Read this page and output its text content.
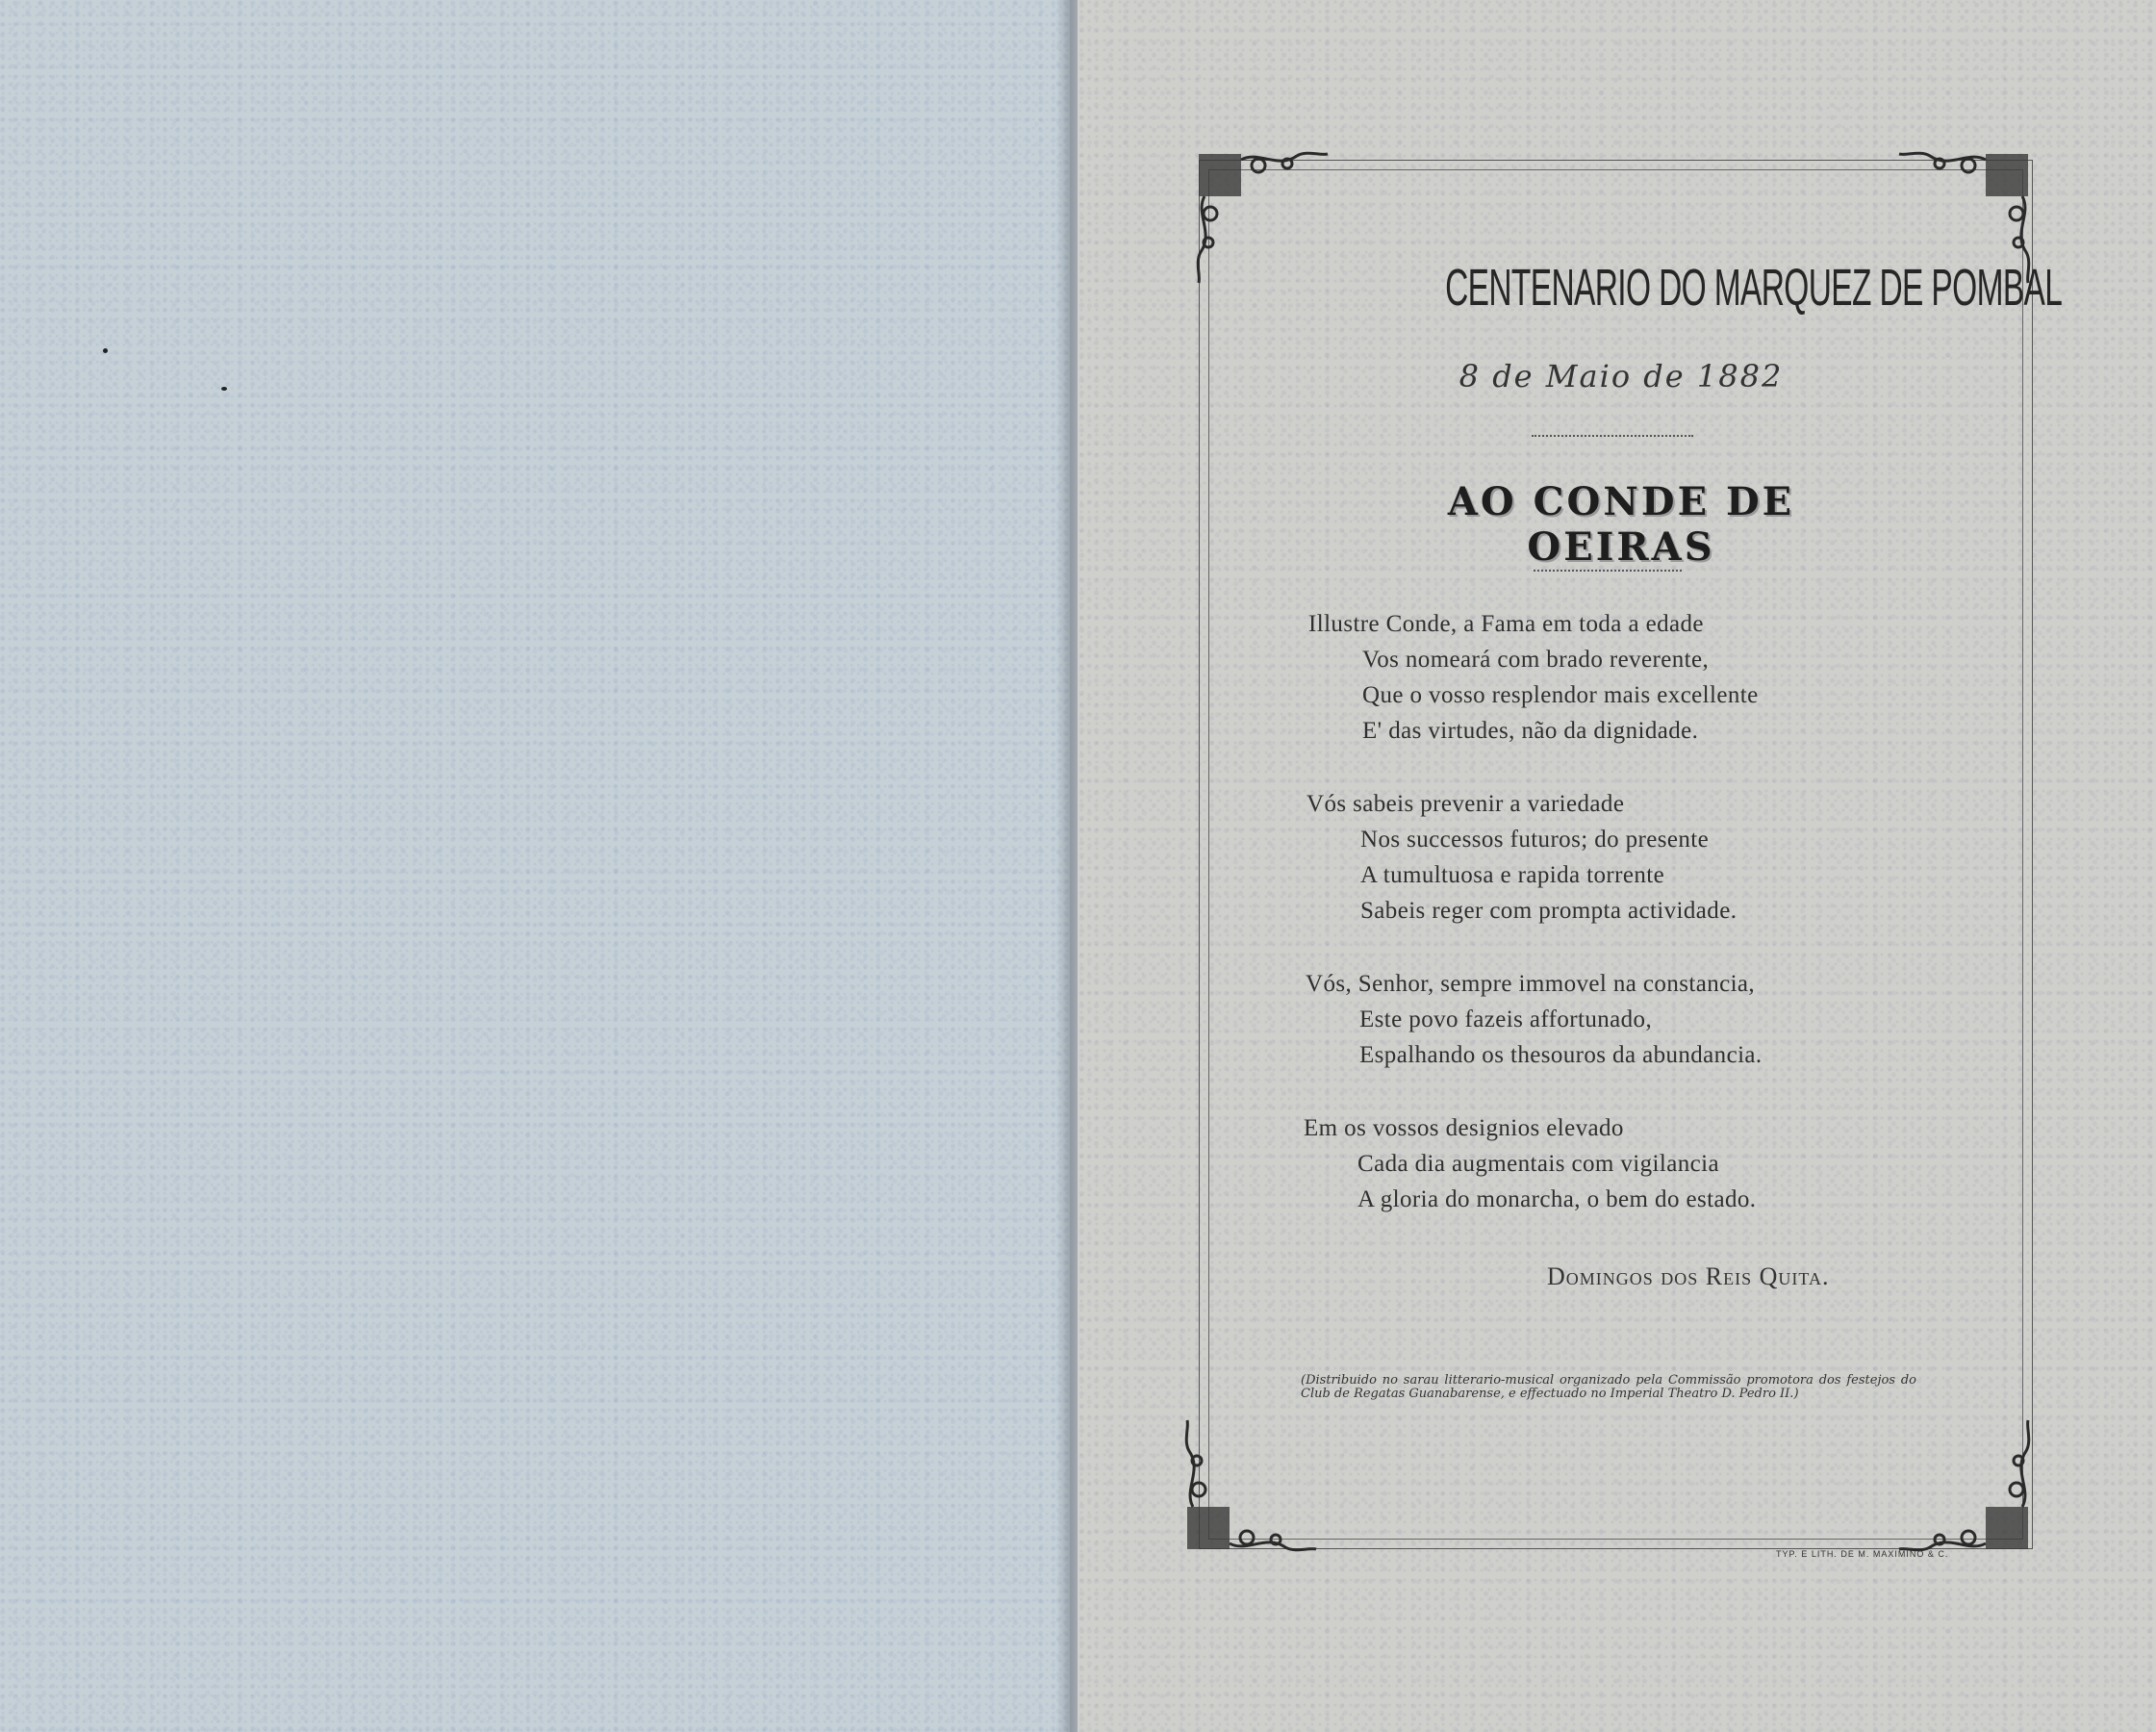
CENTENARIO DO MARQUEZ DE POMBAL
8 de Maio de 1882
AO CONDE DE OEIRAS
Illustre Conde, a Fama em toda a edade
Vos nomeará com brado reverente,
Que o vosso resplendor mais excellente
E' das virtudes, não da dignidade.
Vós sabeis prevenir a variedade
Nos successos futuros; do presente
A tumultuosa e rapida torrente
Sabeis reger com prompta actividade.
Vós, Senhor, sempre immovel na constancia,
Este povo fazeis affortunado,
Espalhando os thesouros da abundancia.
Em os vossos designios elevado
Cada dia augmentais com vigilancia
A gloria do monarcha, o bem do estado.
Domingos dos Reis Quita.
(Distribuido no sarau litterario-musical organizado pela Commissão promotora dos festejos do Club de Regatas Guanabarense, e effectuado no Imperial Theatro D. Pedro II.)
TYP. E LITH. DE M. MAXIMINO & C.
